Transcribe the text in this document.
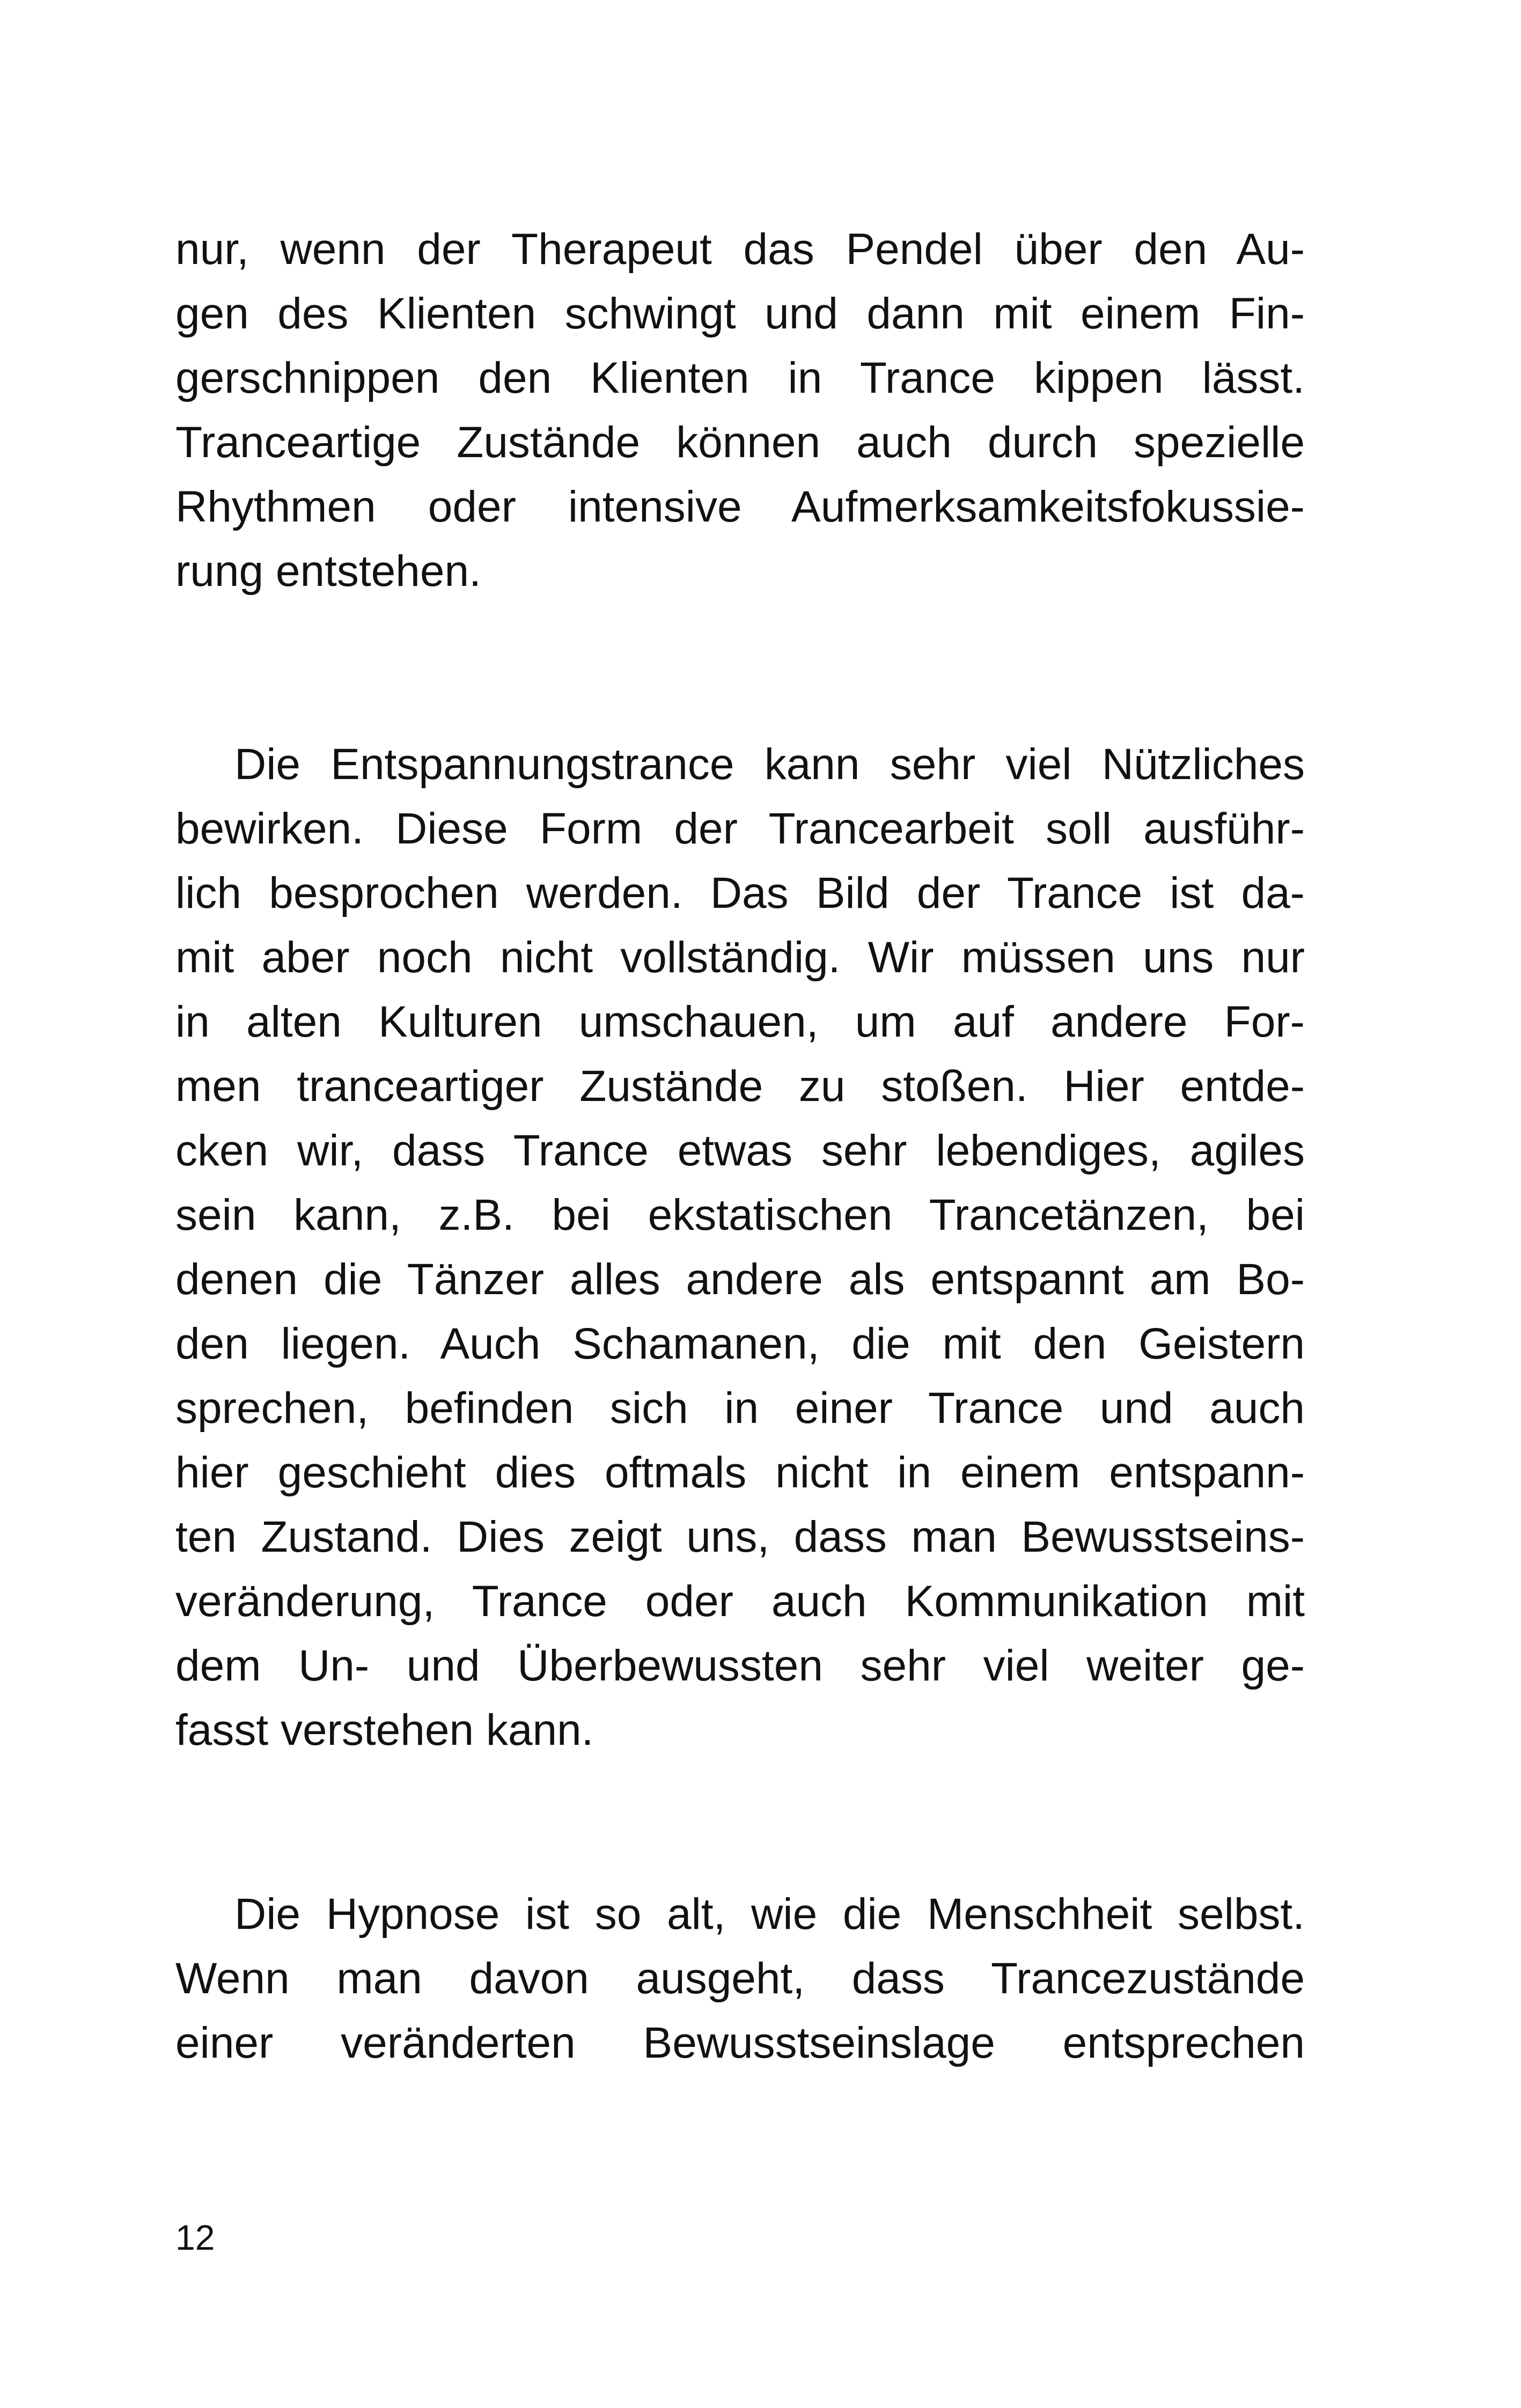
nur, wenn der Therapeut das Pendel über den Au-
gen des Klienten schwingt und dann mit einem Fin-
gerschnippen den Klienten in Trance kippen lässt.
Tranceartige Zustände können auch durch spezielle
Rhythmen oder intensive Aufmerksamkeitsfokussie-
rung entstehen.

Die Entspannungstrance kann sehr viel Nützliches
bewirken. Diese Form der Trancearbeit soll ausführ-
lich besprochen werden. Das Bild der Trance ist da-
mit aber noch nicht vollständig. Wir müssen uns nur
in alten Kulturen umschauen, um auf andere For-
men tranceartiger Zustände zu stoßen. Hier entde-
cken wir, dass Trance etwas sehr lebendiges, agiles
sein kann, z.B. bei ekstatischen Trancetänzen, bei
denen die Tänzer alles andere als entspannt am Bo-
den liegen. Auch Schamanen, die mit den Geistern
sprechen, befinden sich in einer Trance und auch
hier geschieht dies oftmals nicht in einem entspann-
ten Zustand. Dies zeigt uns, dass man Bewusstseins-
veränderung, Trance oder auch Kommunikation mit
dem Un- und Überbewussten sehr viel weiter ge-
fasst verstehen kann.

Die Hypnose ist so alt, wie die Menschheit selbst.
Wenn man davon ausgeht, dass Trancezustände
einer veränderten Bewusstseinslage entsprechen

12
